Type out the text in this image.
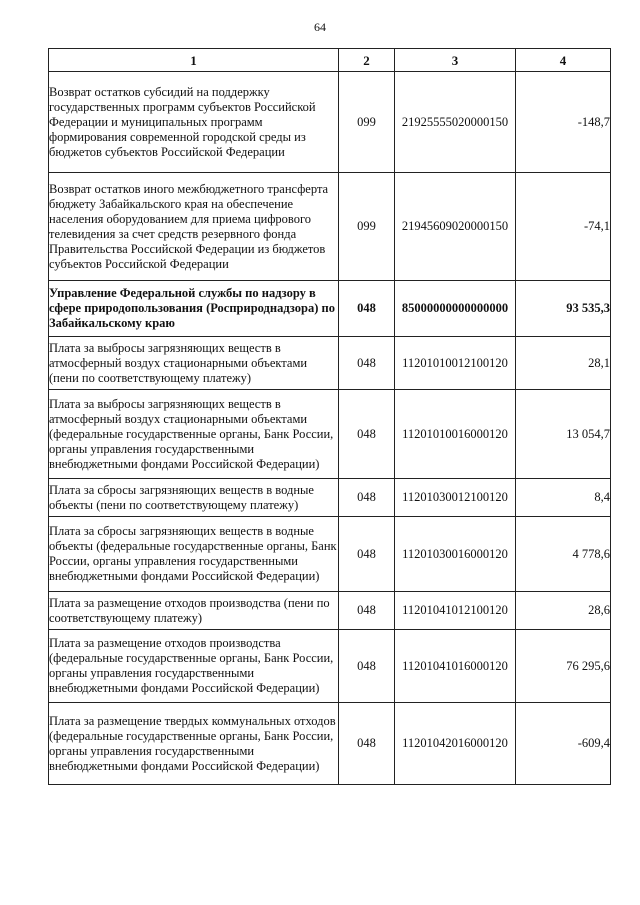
64
1	2	3	4
Возврат остатков субсидий на поддержку государственных программ субъектов Российской Федерации и муниципальных программ формирования современной городской среды из бюджетов субъектов Российской Федерации	099	21925555020000150	-148,7
Возврат остатков иного межбюджетного трансферта бюджету Забайкальского края на обеспечение населения оборудованием для приема цифрового телевидения за счет средств резервного фонда Правительства Российской Федерации из бюджетов субъектов Российской Федерации	099	21945609020000150	-74,1
Управление Федеральной службы по надзору в сфере природопользования (Росприроднадзора) по Забайкальскому краю	048	85000000000000000	93 535,3
Плата за выбросы загрязняющих веществ в атмосферный воздух стационарными объектами (пени по соответствующему платежу)	048	11201010012100120	28,1
Плата за выбросы загрязняющих веществ в атмосферный воздух стационарными объектами (федеральные государственные органы, Банк России, органы управления государственными внебюджетными фондами Российской Федерации)	048	11201010016000120	13 054,7
Плата за сбросы загрязняющих веществ в водные объекты (пени по соответствующему платежу)	048	11201030012100120	8,4
Плата за сбросы загрязняющих веществ в водные объекты (федеральные государственные органы, Банк России, органы управления государственными внебюджетными фондами Российской Федерации)	048	11201030016000120	4 778,6
Плата за размещение отходов производства (пени по соответствующему платежу)	048	11201041012100120	28,6
Плата за размещение отходов производства (федеральные государственные органы, Банк России, органы управления государственными внебюджетными фондами Российской Федерации)	048	11201041016000120	76 295,6
Плата за размещение твердых коммунальных отходов (федеральные государственные органы, Банк России, органы управления государственными внебюджетными фондами Российской Федерации)	048	11201042016000120	-609,4
